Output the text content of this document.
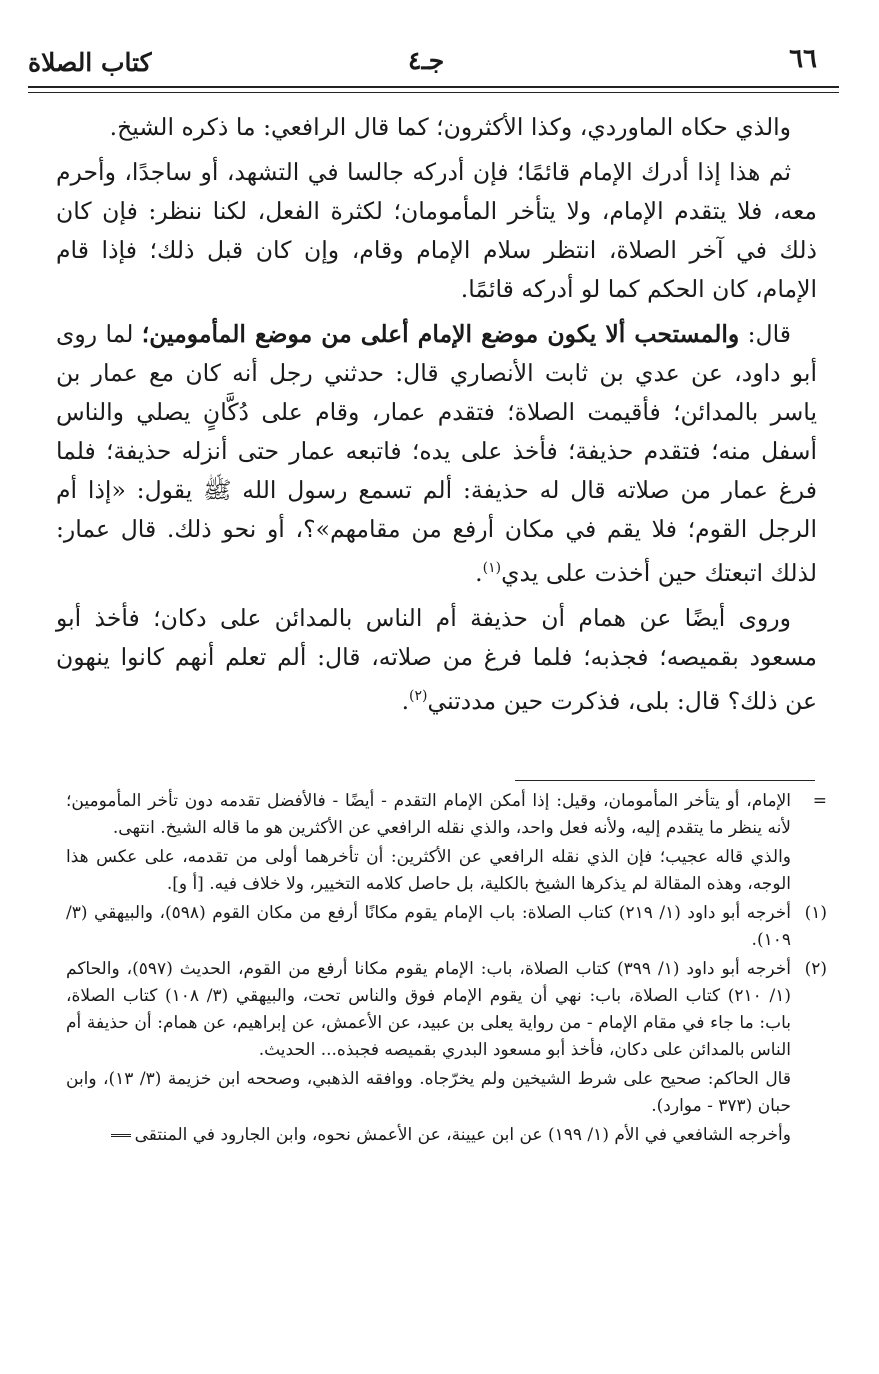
كتاب الصلاة	جـ٤	٦٦

والذي حكاه الماوردي، وكذا الأكثرون؛ كما قال الرافعي: ما ذكره الشيخ.

ثم هذا إذا أدرك الإمام قائمًا؛ فإن أدركه جالسا في التشهد، أو ساجدًا، وأحرم معه، فلا يتقدم الإمام، ولا يتأخر المأمومان؛ لكثرة الفعل، لكنا ننظر: فإن كان ذلك في آخر الصلاة، انتظر سلام الإمام وقام، وإن كان قبل ذلك؛ فإذا قام الإمام، كان الحكم كما لو أدركه قائمًا.

قال: والمستحب ألا يكون موضع الإمام أعلى من موضع المأمومين؛ لما روى أبو داود، عن عدي بن ثابت الأنصاري قال: حدثني رجل أنه كان مع عمار بن ياسر بالمدائن؛ فأقيمت الصلاة؛ فتقدم عمار، وقام على دُكَّانٍ يصلي والناس أسفل منه؛ فتقدم حذيفة؛ فأخذ على يده؛ فاتبعه عمار حتى أنزله حذيفة؛ فلما فرغ عمار من صلاته قال له حذيفة: ألم تسمع رسول الله ﷺ يقول: «إذا أم الرجل القوم؛ فلا يقم في مكان أرفع من مقامهم»؟، أو نحو ذلك. قال عمار: لذلك اتبعتك حين أخذت على يدي$^{(١)}$.

وروى أيضًا عن همام أن حذيفة أم الناس بالمدائن على دكان؛ فأخذ أبو مسعود بقميصه؛ فجذبه؛ فلما فرغ من صلاته، قال: ألم تعلم أنهم كانوا ينهون عن ذلك؟ قال: بلى، فذكرت حين مددتني$^{(٢)}$.

=
الإمام، أو يتأخر المأمومان، وقيل: إذا أمكن الإمام التقدم - أيضًا - فالأفضل تقدمه دون تأخر المأمومين؛ لأنه ينظر ما يتقدم إليه، ولأنه فعل واحد، والذي نقله الرافعي عن الأكثرين هو ما قاله الشيخ. انتهى.
والذي قاله عجيب؛ فإن الذي نقله الرافعي عن الأكثرين: أن تأخرهما أولى من تقدمه، على عكس هذا الوجه، وهذه المقالة لم يذكرها الشيخ بالكلية، بل حاصل كلامه التخيير، ولا خلاف فيه. [أ و].
(١)
أخرجه أبو داود (١/ ٢١٩) كتاب الصلاة: باب الإمام يقوم مكانًا أرفع من مكان القوم (٥٩٨)، والبيهقي (٣/ ١٠٩).
(٢)
أخرجه أبو داود (١/ ٣٩٩) كتاب الصلاة، باب: الإمام يقوم مكانا أرفع من القوم، الحديث (٥٩٧)، والحاكم (١/ ٢١٠) كتاب الصلاة، باب: نهي أن يقوم الإمام فوق والناس تحت، والبيهقي (٣/ ١٠٨) كتاب الصلاة، باب: ما جاء في مقام الإمام - من رواية يعلى بن عبيد، عن الأعمش، عن إبراهيم، عن همام: أن حذيفة أم الناس بالمدائن على دكان، فأخذ أبو مسعود البدري بقميصه فجبذه... الحديث.
قال الحاكم: صحيح على شرط الشيخين ولم يخرّجاه. ووافقه الذهبي، وصححه ابن خزيمة (٣/ ١٣)، وابن حبان (٣٧٣ - موارد).
وأخرجه الشافعي في الأم (١/ ١٩٩) عن ابن عيينة، عن الأعمش نحوه، وابن الجارود في المنتقى
